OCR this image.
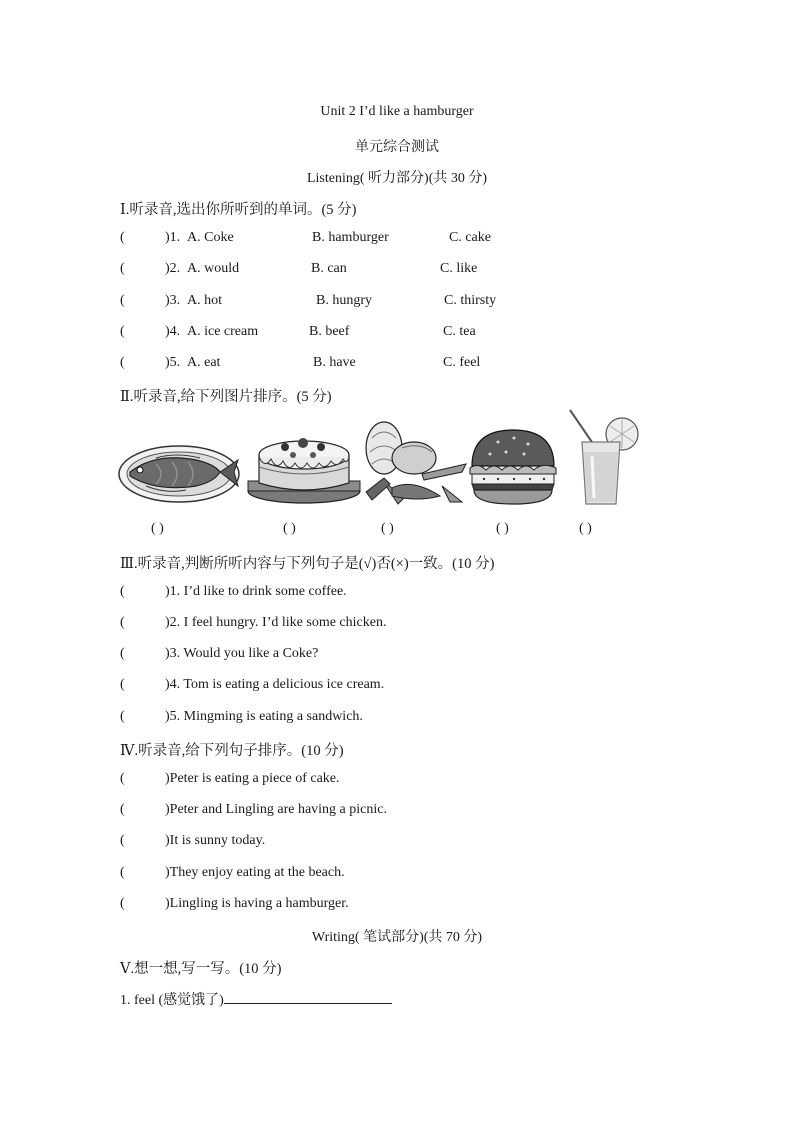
Unit 2 I’d like a hamburger
单元综合测试
Listening( 听力部分)(共 30 分)
Ⅰ.听录音,选出你所听到的单词。(5 分)
(	)1. A. Coke	B. hamburger	C. cake
(	)2. A. would	B. can	C. like
(	)3. A. hot	B. hungry	C. thirsty
(	)4. A. ice cream	B. beef	C. tea
(	)5. A. eat	B. have	C. feel
Ⅱ.听录音,给下列图片排序。(5 分)
( )	( )	( )	( )	( )
Ⅲ.听录音,判断所听内容与下列句子是(√)否(×)一致。(10 分)
(	)1. I’d like to drink some coffee.
(	)2. I feel hungry. I’d like some chicken.
(	)3. Would you like a Coke?
(	)4. Tom is eating a delicious ice cream.
(	)5. Mingming is eating a sandwich.
Ⅳ.听录音,给下列句子排序。(10 分)
(	)Peter is eating a piece of cake.
(	)Peter and Lingling are having a picnic.
(	)It is sunny today.
(	)They enjoy eating at the beach.
(	)Lingling is having a hamburger.
Writing( 笔试部分)(共 70 分)
Ⅴ.想一想,写一写。(10 分)
1. feel (感觉饿了)
